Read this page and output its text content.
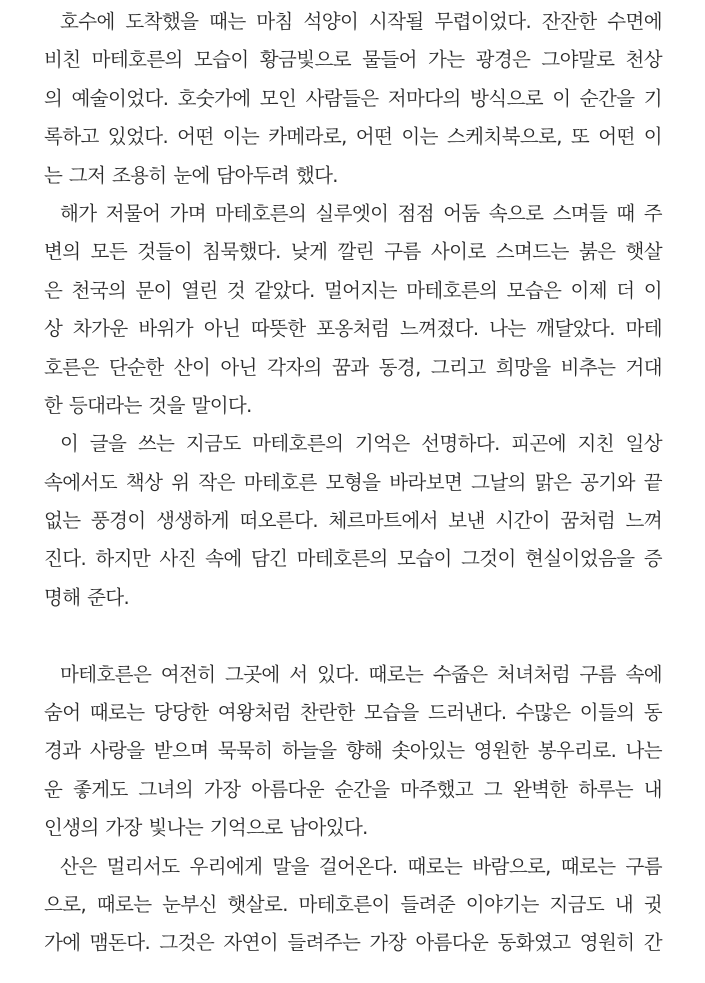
호수에 도착했을 때는 마침 석양이 시작될 무렵이었다. 잔잔한 수면에
비친 마테호른의 모습이 황금빛으로 물들어 가는 광경은 그야말로 천상
의 예술이었다. 호숫가에 모인 사람들은 저마다의 방식으로 이 순간을 기
록하고 있었다. 어떤 이는 카메라로, 어떤 이는 스케치북으로, 또 어떤 이
는 그저 조용히 눈에 담아두려 했다.
해가 저물어 가며 마테호른의 실루엣이 점점 어둠 속으로 스며들 때 주
변의 모든 것들이 침묵했다. 낮게 깔린 구름 사이로 스며드는 붉은 햇살
은 천국의 문이 열린 것 같았다. 멀어지는 마테호른의 모습은 이제 더 이
상 차가운 바위가 아닌 따뜻한 포옹처럼 느껴졌다. 나는 깨달았다. 마테
호른은 단순한 산이 아닌 각자의 꿈과 동경, 그리고 희망을 비추는 거대
한 등대라는 것을 말이다.
이 글을 쓰는 지금도 마테호른의 기억은 선명하다. 피곤에 지친 일상
속에서도 책상 위 작은 마테호른 모형을 바라보면 그날의 맑은 공기와 끝
없는 풍경이 생생하게 떠오른다. 체르마트에서 보낸 시간이 꿈처럼 느껴
진다. 하지만 사진 속에 담긴 마테호른의 모습이 그것이 현실이었음을 증
명해 준다.
마테호른은 여전히 그곳에 서 있다. 때로는 수줍은 처녀처럼 구름 속에
숨어 때로는 당당한 여왕처럼 찬란한 모습을 드러낸다. 수많은 이들의 동
경과 사랑을 받으며 묵묵히 하늘을 향해 솟아있는 영원한 봉우리로. 나는
운 좋게도 그녀의 가장 아름다운 순간을 마주했고 그 완벽한 하루는 내
인생의 가장 빛나는 기억으로 남아있다.
산은 멀리서도 우리에게 말을 걸어온다. 때로는 바람으로, 때로는 구름
으로, 때로는 눈부신 햇살로. 마테호른이 들려준 이야기는 지금도 내 귓
가에 맴돈다. 그것은 자연이 들려주는 가장 아름다운 동화였고 영원히 간
